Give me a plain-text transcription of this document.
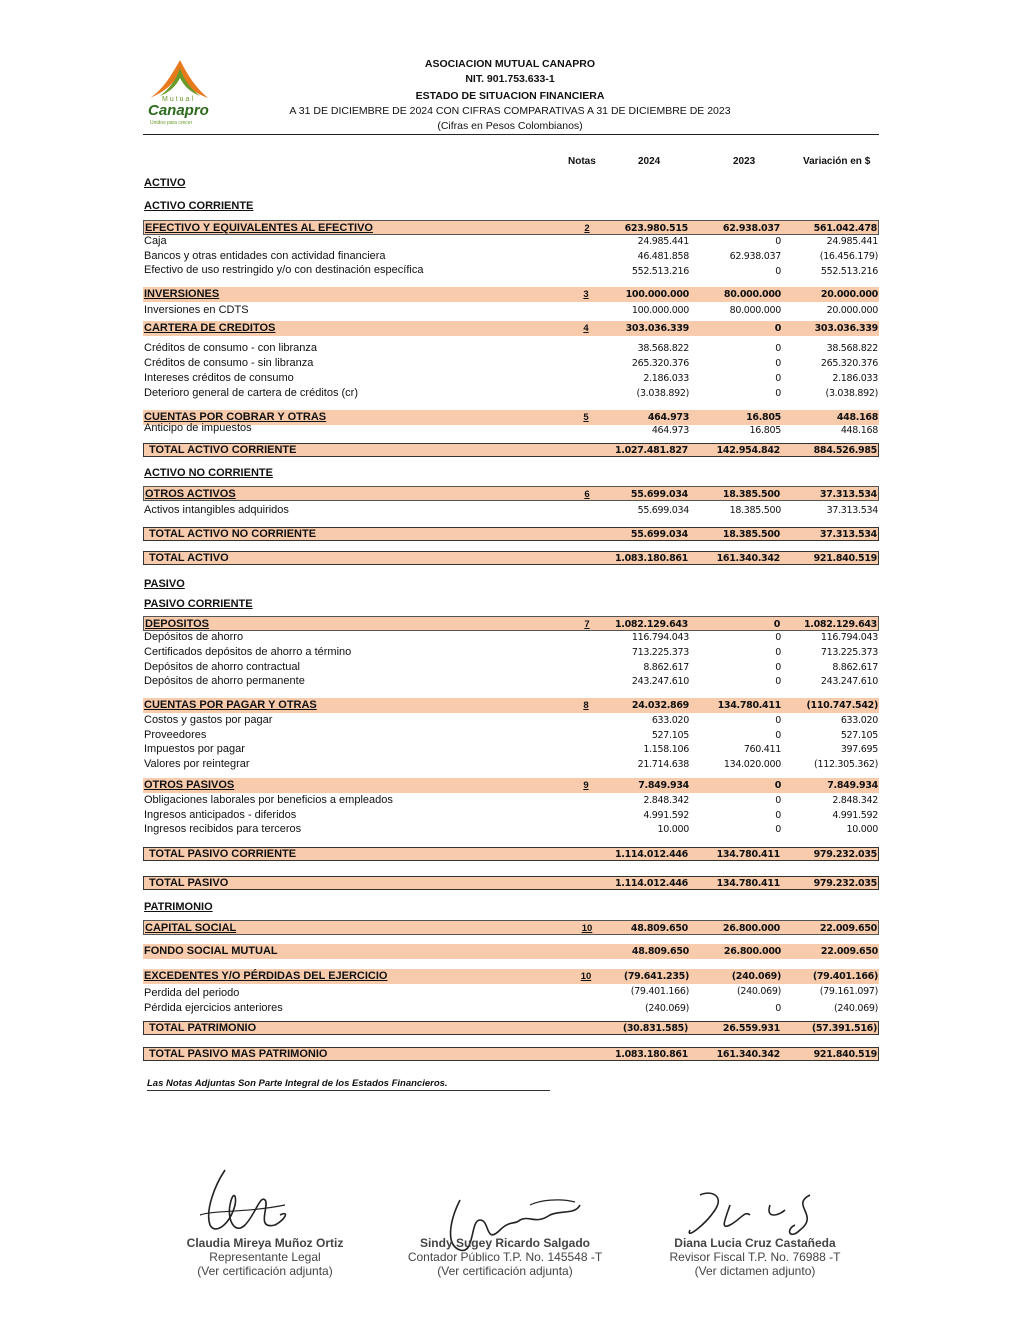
Mutual
Canapro
Unidos para crecer
ASOCIACION MUTUAL CANAPRO
NIT. 901.753.633-1
ESTADO DE SITUACION FINANCIERA
A 31 DE DICIEMBRE DE 2024 CON CIFRAS COMPARATIVAS A 31 DE DICIEMBRE DE 2023
(Cifras en Pesos Colombianos)
Notas	2024	2023	Variación en $
ACTIVO
ACTIVO CORRIENTE
EFECTIVO Y EQUIVALENTES AL EFECTIVO	2	623.980.515	62.938.037	561.042.478
Caja	24.985.441	0	24.985.441
Bancos y otras entidades con actividad financiera	46.481.858	62.938.037	(16.456.179)
Efectivo de uso restringido y/o con destinación específica	552.513.216	0	552.513.216
INVERSIONES	3	100.000.000	80.000.000	20.000.000
Inversiones en CDTS	100.000.000	80.000.000	20.000.000
CARTERA DE CREDITOS	4	303.036.339	0	303.036.339
Créditos de consumo - con libranza	38.568.822	0	38.568.822
Créditos de consumo - sin libranza	265.320.376	0	265.320.376
Intereses créditos de consumo	2.186.033	0	2.186.033
Deterioro general de cartera de créditos (cr)	(3.038.892)	0	(3.038.892)
CUENTAS POR COBRAR Y OTRAS	5	464.973	16.805	448.168
Anticipo de impuestos	464.973	16.805	448.168
TOTAL ACTIVO CORRIENTE	1.027.481.827	142.954.842	884.526.985
ACTIVO NO CORRIENTE
OTROS ACTIVOS	6	55.699.034	18.385.500	37.313.534
Activos intangibles adquiridos	55.699.034	18.385.500	37.313.534
TOTAL ACTIVO NO CORRIENTE	55.699.034	18.385.500	37.313.534
TOTAL ACTIVO	1.083.180.861	161.340.342	921.840.519
PASIVO
PASIVO CORRIENTE
DEPOSITOS	7	1.082.129.643	0	1.082.129.643
Depósitos de ahorro	116.794.043	0	116.794.043
Certificados depósitos de ahorro a término	713.225.373	0	713.225.373
Depósitos de ahorro contractual	8.862.617	0	8.862.617
Depósitos de ahorro permanente	243.247.610	0	243.247.610
CUENTAS POR PAGAR Y OTRAS	8	24.032.869	134.780.411	(110.747.542)
Costos y gastos por pagar	633.020	0	633.020
Proveedores	527.105	0	527.105
Impuestos por pagar	1.158.106	760.411	397.695
Valores por reintegrar	21.714.638	134.020.000	(112.305.362)
OTROS PASIVOS	9	7.849.934	0	7.849.934
Obligaciones laborales por beneficios a empleados	2.848.342	0	2.848.342
Ingresos anticipados - diferidos	4.991.592	0	4.991.592
Ingresos recibidos para terceros	10.000	0	10.000
TOTAL PASIVO CORRIENTE	1.114.012.446	134.780.411	979.232.035
TOTAL PASIVO	1.114.012.446	134.780.411	979.232.035
PATRIMONIO
CAPITAL SOCIAL	10	48.809.650	26.800.000	22.009.650
FONDO SOCIAL MUTUAL	48.809.650	26.800.000	22.009.650
EXCEDENTES Y/O PÉRDIDAS DEL EJERCICIO	10	(79.641.235)	(240.069)	(79.401.166)
Perdida del periodo	(79.401.166)	(240.069)	(79.161.097)
Pérdida ejercicios anteriores	(240.069)	0	(240.069)
TOTAL PATRIMONIO	(30.831.585)	26.559.931	(57.391.516)
TOTAL PASIVO MAS PATRIMONIO	1.083.180.861	161.340.342	921.840.519
Las Notas Adjuntas Son Parte Integral de los Estados Financieros.
Claudia Mireya Muñoz Ortiz
Representante Legal
(Ver certificación adjunta)
Sindy Sugey Ricardo Salgado
Contador Público T.P. No. 145548 -T
(Ver certificación adjunta)
Diana Lucia Cruz Castañeda
Revisor Fiscal T.P. No. 76988 -T
(Ver dictamen adjunto)
